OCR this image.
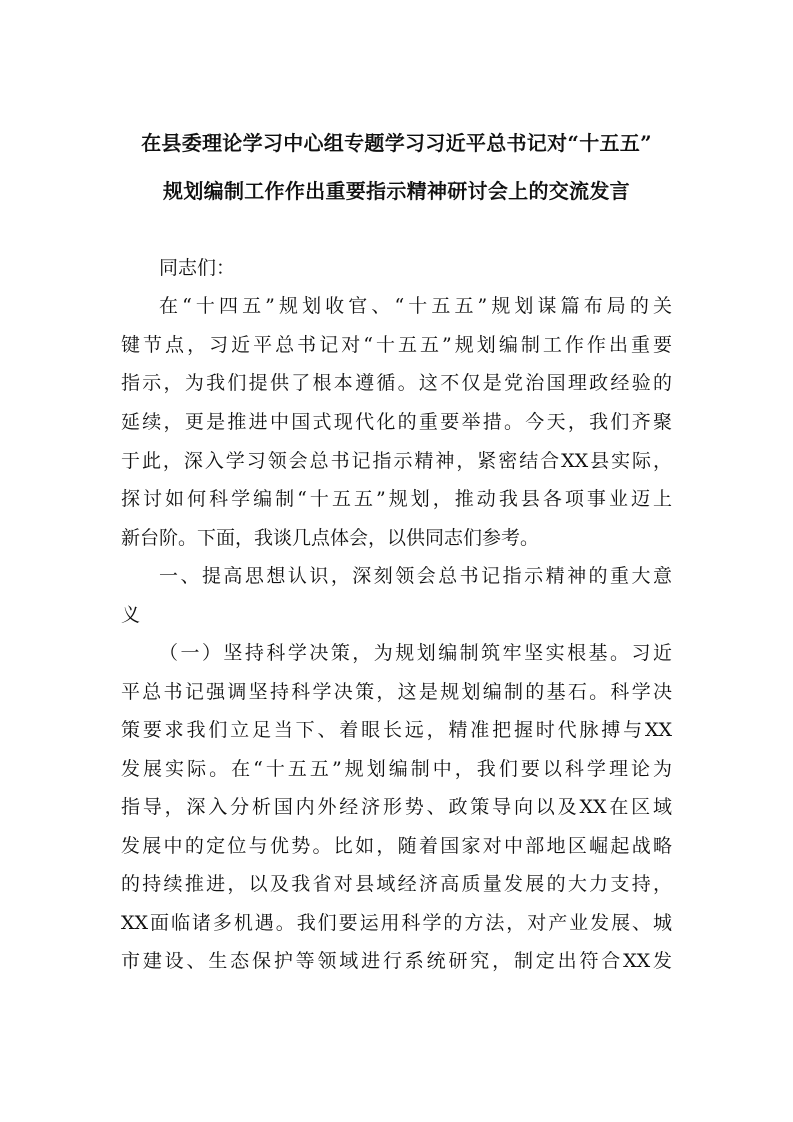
在县委理论学习中心组专题学习习近平总书记对“十五五”
规划编制工作作出重要指示精神研讨会上的交流发言
同志们：
在“十四五”规划收官、“十五五”规划谋篇布局的关
键节点，习近平总书记对“十五五”规划编制工作作出重要
指示，为我们提供了根本遵循。这不仅是党治国理政经验的
延续，更是推进中国式现代化的重要举措。今天，我们齐聚
于此，深入学习领会总书记指示精神，紧密结合XX县实际，
探讨如何科学编制“十五五”规划，推动我县各项事业迈上
新台阶。下面，我谈几点体会，以供同志们参考。
一、提高思想认识，深刻领会总书记指示精神的重大意
义
（一）坚持科学决策，为规划编制筑牢坚实根基。习近
平总书记强调坚持科学决策，这是规划编制的基石。科学决
策要求我们立足当下、着眼长远，精准把握时代脉搏与XX
发展实际。在“十五五”规划编制中，我们要以科学理论为
指导，深入分析国内外经济形势、政策导向以及XX在区域
发展中的定位与优势。比如，随着国家对中部地区崛起战略
的持续推进，以及我省对县域经济高质量发展的大力支持，
XX面临诸多机遇。我们要运用科学的方法，对产业发展、城
市建设、生态保护等领域进行系统研究，制定出符合XX发
